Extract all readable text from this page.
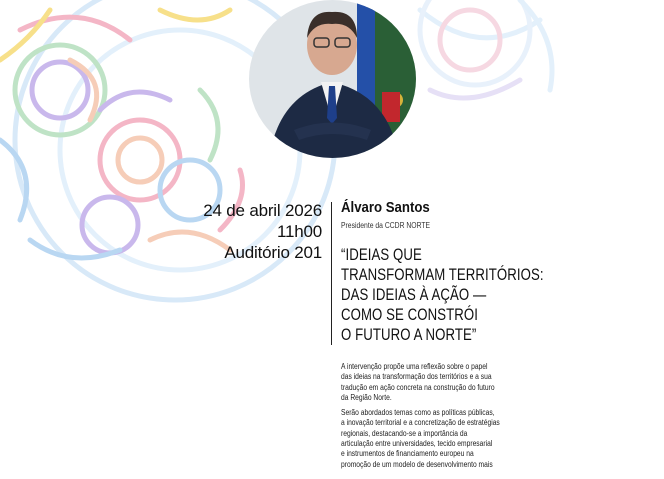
24 de abril 2026
11h00
Auditório 201
Álvaro Santos
Presidente da CCDR NORTE
“IDEIAS QUE
TRANSFORMAM TERRITÓRIOS:
DAS IDEIAS À AÇÃO —
COMO SE CONSTRÓI
O FUTURO A NORTE”
A intervenção propõe uma reflexão sobre o papel
das ideias na transformação dos territórios e a sua
tradução em ação concreta na construção do futuro
da Região Norte.
Serão abordados temas como as políticas públicas,
a inovação territorial e a concretização de estratégias
regionais, destacando-se a importância da
articulação entre universidades, tecido empresarial
e instrumentos de financiamento europeu na
promoção de um modelo de desenvolvimento mais
